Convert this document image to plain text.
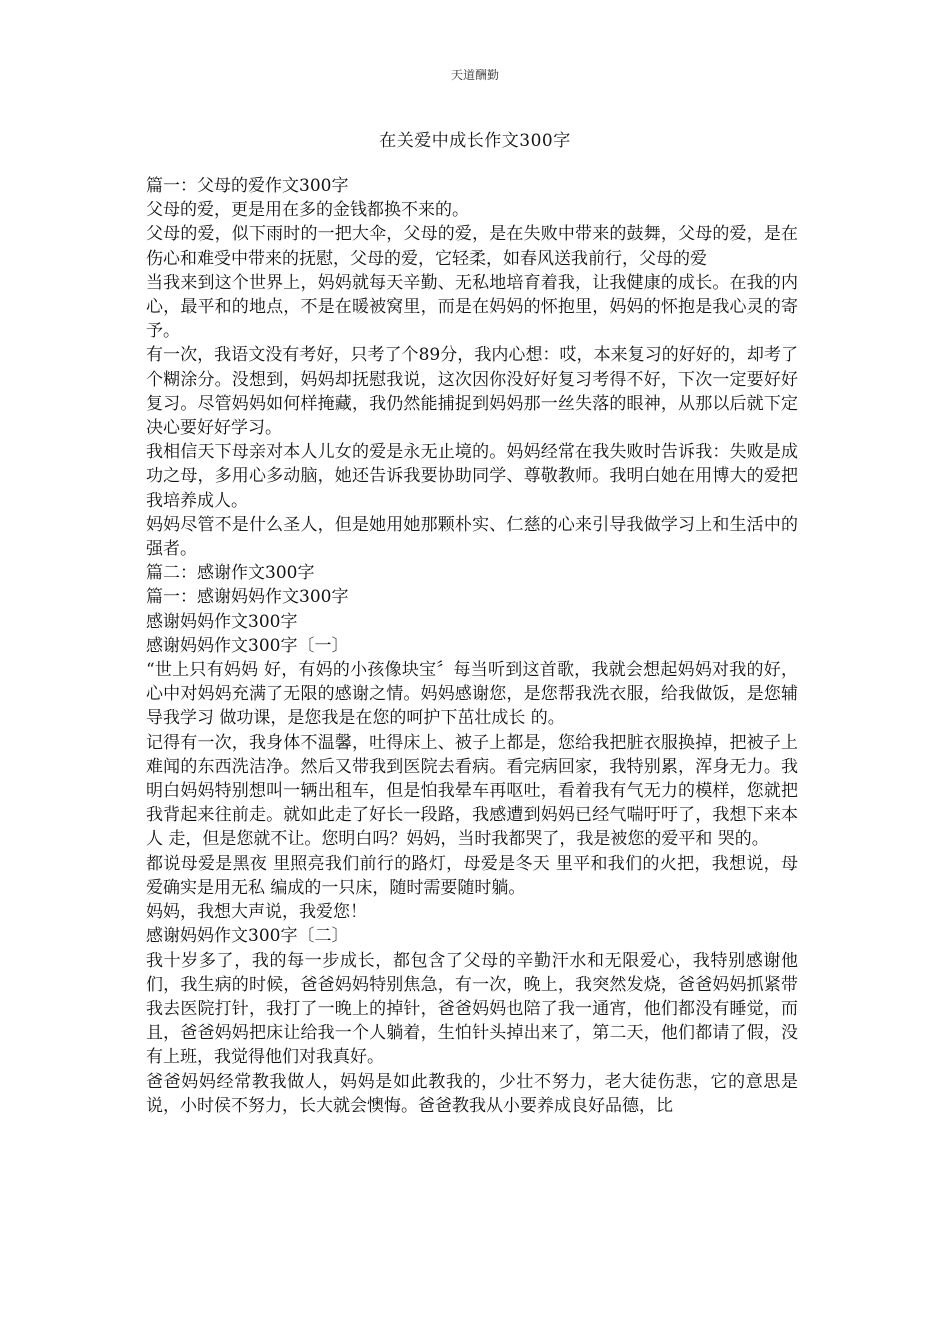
天道酬勤
在关爱中成长作文300字

篇一：父母的爱作文300字

父母的爱，更是用在多的金钱都换不来的。

父母的爱，似下雨时的一把大伞，父母的爱，是在失败中带来的鼓舞，父母的爱，是在伤心和难受中带来的抚慰，父母的爱，它轻柔，如春风送我前行，父母的爱

当我来到这个世界上，妈妈就每天辛勤、无私地培育着我，让我健康的成长。在我的内心，最平和的地点，不是在暖被窝里，而是在妈妈的怀抱里，妈妈的怀抱是我心灵的寄予。

有一次，我语文没有考好，只考了个89分，我内心想：哎，本来复习的好好的，却考了个糊涂分。没想到，妈妈却抚慰我说，这次因你没好好复习考得不好，下次一定要好好复习。尽管妈妈如何样掩藏，我仍然能捕捉到妈妈那一丝失落的眼神，从那以后就下定决心要好好学习。

我相信天下母亲对本人儿女的爱是永无止境的。妈妈经常在我失败时告诉我：失败是成功之母，多用心多动脑，她还告诉我要协助同学、尊敬教师。我明白她在用博大的爱把我培养成人。

妈妈尽管不是什么圣人，但是她用她那颗朴实、仁慈的心来引导我做学习上和生活中的强者。

篇二：感谢作文300字

篇一：感谢妈妈作文300字

感谢妈妈作文300字

感谢妈妈作文300字〔一〕

“世上只有妈妈 好，有妈的小孩像块宝〞每当听到这首歌，我就会想起妈妈对我的好，心中对妈妈充满了无限的感谢之情。妈妈感谢您，是您帮我洗衣服，给我做饭，是您辅导我学习 做功课，是您我是在您的呵护下茁壮成长 的。

记得有一次，我身体不温馨，吐得床上、被子上都是，您给我把脏衣服换掉，把被子上难闻的东西洗洁净。然后又带我到医院去看病。看完病回家，我特别累，浑身无力。我明白妈妈特别想叫一辆出租车，但是怕我晕车再呕吐，看着我有气无力的模样，您就把我背起来往前走。就如此走了好长一段路，我感遭到妈妈已经气喘吁吁了，我想下来本人 走，但是您就不让。您明白吗？妈妈，当时我都哭了，我是被您的爱平和 哭的。

都说母爱是黑夜 里照亮我们前行的路灯，母爱是冬天 里平和我们的火把，我想说，母爱确实是用无私 编成的一只床，随时需要随时躺。

妈妈，我想大声说，我爱您！

感谢妈妈作文300字〔二〕

我十岁多了，我的每一步成长，都包含了父母的辛勤汗水和无限爱心，我特别感谢他们，我生病的时候，爸爸妈妈特别焦急，有一次，晚上，我突然发烧，爸爸妈妈抓紧带我去医院打针，我打了一晚上的掉针，爸爸妈妈也陪了我一通宵，他们都没有睡觉，而且，爸爸妈妈把床让给我一个人躺着，生怕针头掉出来了，第二天，他们都请了假，没有上班，我觉得他们对我真好。

爸爸妈妈经常教我做人，妈妈是如此教我的，少壮不努力，老大徒伤悲，它的意思是说，小时侯不努力，长大就会懊悔。爸爸教我从小要养成良好品德，比
